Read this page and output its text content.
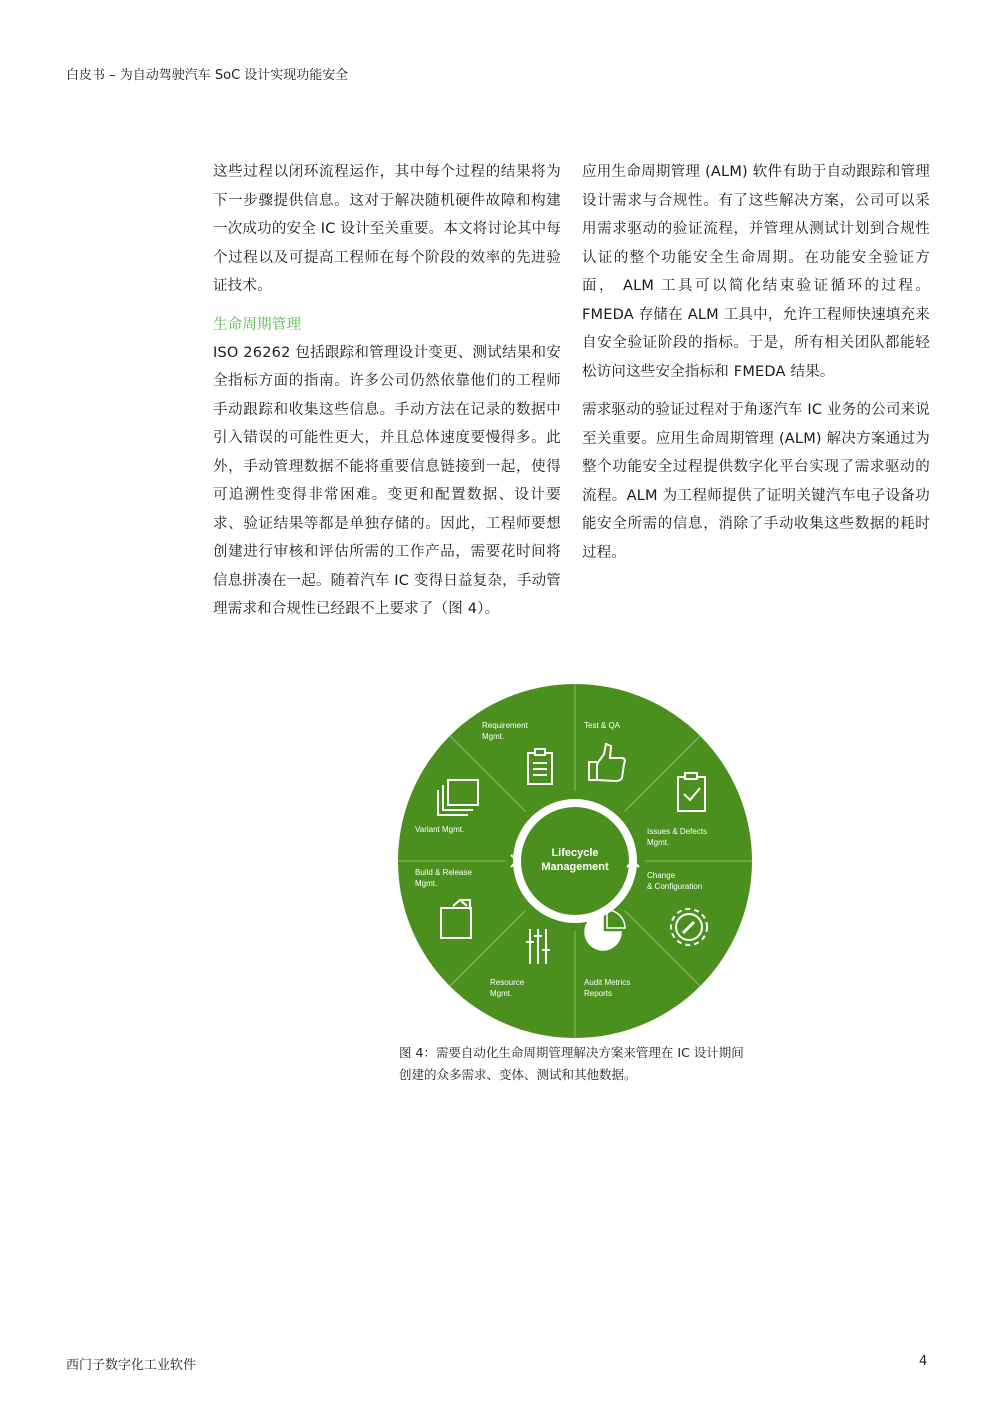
白皮书 – 为自动驾驶汽车 SoC 设计实现功能安全

这些过程以闭环流程运作，其中每个过程的结果将为下一步骤提供信息。这对于解决随机硬件故障和构建一次成功的安全 IC 设计至关重要。本文将讨论其中每个过程以及可提高工程师在每个阶段的效率的先进验证技术。

生命周期管理

ISO 26262 包括跟踪和管理设计变更、测试结果和安全指标方面的指南。许多公司仍然依靠他们的工程师手动跟踪和收集这些信息。手动方法在记录的数据中引入错误的可能性更大，并且总体速度要慢得多。此外，手动管理数据不能将重要信息链接到一起，使得可追溯性变得非常困难。变更和配置数据、设计要求、验证结果等都是单独存储的。因此，工程师要想创建进行审核和评估所需的工作产品，需要花时间将信息拼凑在一起。随着汽车 IC 变得日益复杂，手动管理需求和合规性已经跟不上要求了（图 4）。

应用生命周期管理 (ALM) 软件有助于自动跟踪和管理设计需求与合规性。有了这些解决方案，公司可以采用需求驱动的验证流程，并管理从测试计划到合规性认证的整个功能安全生命周期。在功能安全验证方面， ALM 工具可以简化结束验证循环的过程。FMEDA 存储在 ALM 工具中，允许工程师快速填充来自安全验证阶段的指标。于是，所有相关团队都能轻松访问这些安全指标和 FMEDA 结果。

需求驱动的验证过程对于角逐汽车 IC 业务的公司来说至关重要。应用生命周期管理 (ALM) 解决方案通过为整个功能安全过程提供数字化平台实现了需求驱动的流程。ALM 为工程师提供了证明关键汽车电子设备功能安全所需的信息，消除了手动收集这些数据的耗时过程。

Lifecycle
Management
Requirement
Mgmt.
Test & QA
Issues & Defects
Mgmt.
Change
& Configuration
Audit Metrics
Reports
Resource
Mgmt.
Build & Release
Mgmt.
Variant Mgmt.
图 4：需要自动化生命周期管理解决方案来管理在 IC 设计期间创建的众多需求、变体、测试和其他数据。
西门子数字化工业软件	4
